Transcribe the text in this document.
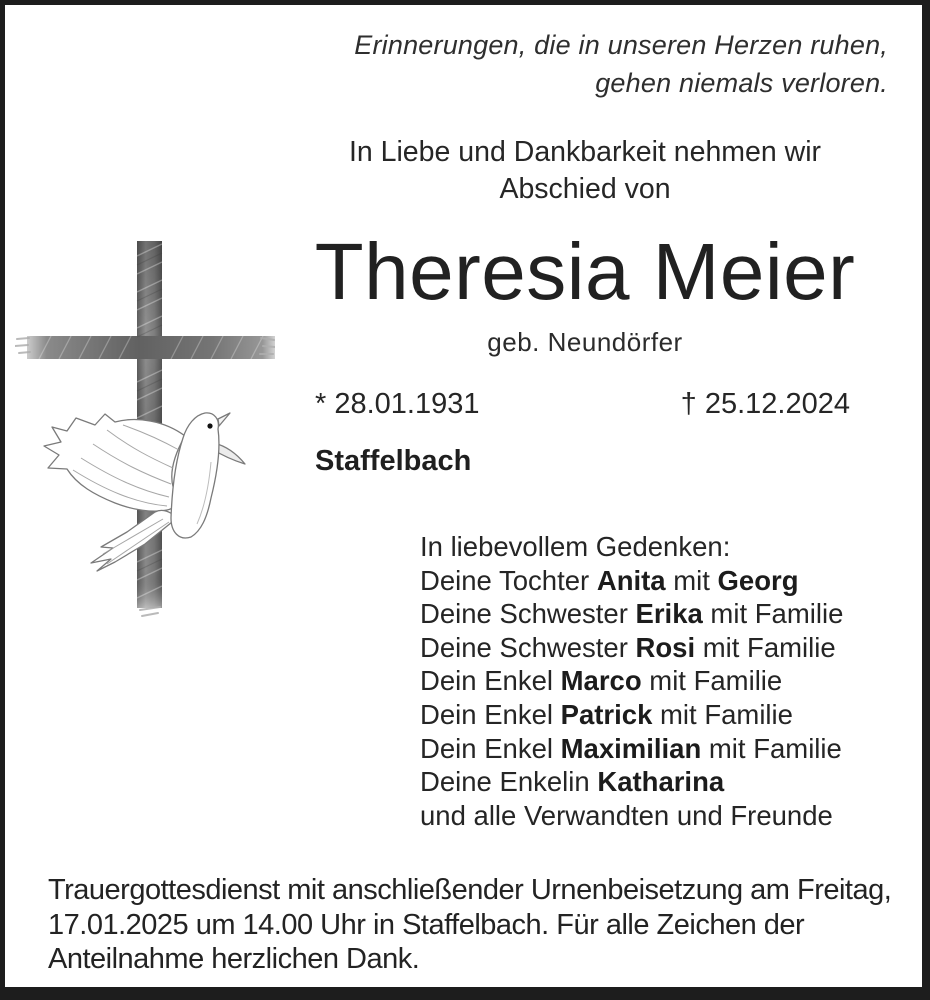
Erinnerungen, die in unseren Herzen ruhen,
gehen niemals verloren.
In Liebe und Dankbarkeit nehmen wir
Abschied von
Theresia Meier
geb. Neundörfer
* 28.01.1931	† 25.12.2024
Staffelbach
In liebevollem Gedenken:
Deine Tochter Anita mit Georg
Deine Schwester Erika mit Familie
Deine Schwester Rosi mit Familie
Dein Enkel Marco mit Familie
Dein Enkel Patrick mit Familie
Dein Enkel Maximilian mit Familie
Deine Enkelin Katharina
und alle Verwandten und Freunde
Trauergottesdienst mit anschließender Urnenbeisetzung am Freitag,
17.01.2025 um 14.00 Uhr in Staffelbach. Für alle Zeichen der
Anteilnahme herzlichen Dank.
